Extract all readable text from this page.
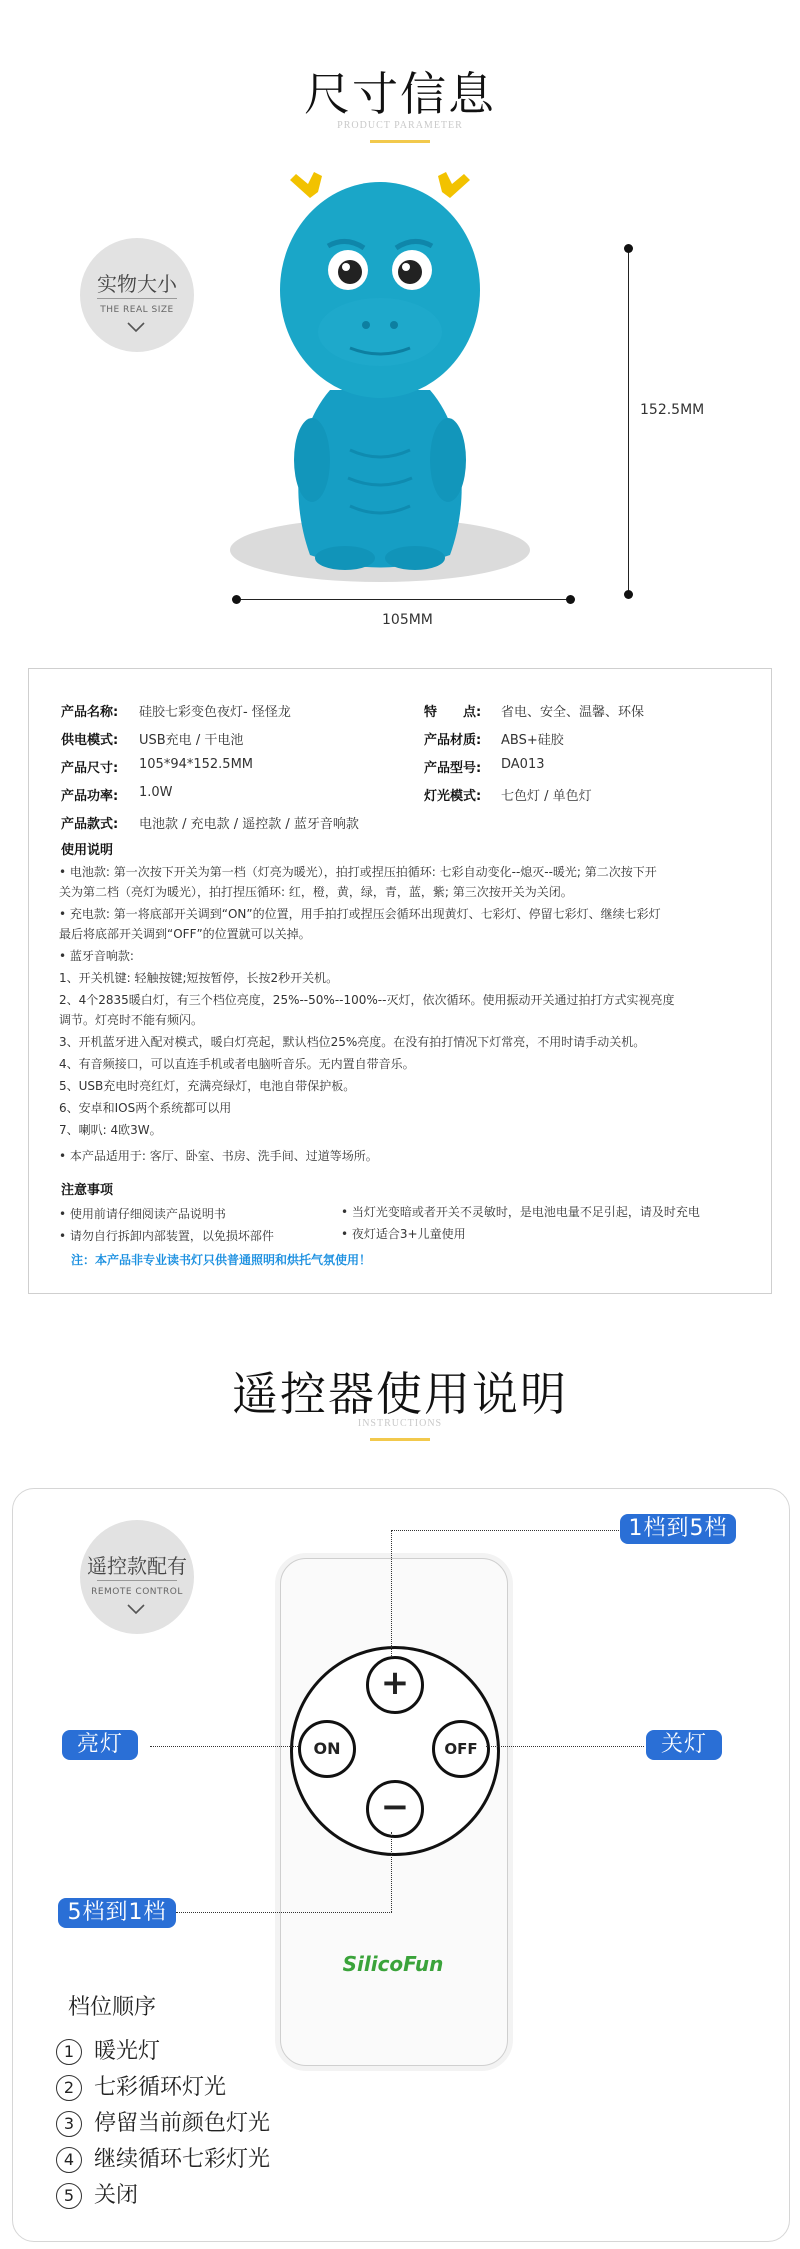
尺寸信息
PRODUCT PARAMETER
实物大小
THE REAL SIZE
152.5MM
105MM
产品名称: 硅胶七彩变色夜灯- 怪怪龙	特　　点: 省电、安全、温馨、环保
供电模式: USB充电 / 干电池	产品材质: ABS+硅胶
产品尺寸: 105*94*152.5MM	产品型号: DA013
产品功率: 1.0W	灯光模式: 七色灯 / 单色灯
产品款式: 电池款 / 充电款 / 遥控款 / 蓝牙音响款
使用说明
• 电池款: 第一次按下开关为第一档（灯亮为暖光），拍打或捏压拍循环: 七彩自动变化--熄灭--暖光; 第二次按下开
关为第二档（亮灯为暖光），拍打捏压循环: 红，橙，黄，绿，青，蓝，紫; 第三次按开关为关闭。
• 充电款: 第一将底部开关调到“ON”的位置，用手拍打或捏压会循环出现黄灯、七彩灯、停留七彩灯、继续七彩灯
最后将底部开关调到“OFF”的位置就可以关掉。
• 蓝牙音响款:
1、开关机键: 轻触按键;短按暂停，长按2秒开关机。
2、4个2835暖白灯，有三个档位亮度，25%--50%--100%--灭灯，依次循环。使用振动开关通过拍打方式实视亮度
调节。灯亮时不能有频闪。
3、开机蓝牙进入配对模式，暖白灯亮起，默认档位25%亮度。在没有拍打情况下灯常亮，不用时请手动关机。
4、有音频接口，可以直连手机或者电脑听音乐。无内置自带音乐。
5、USB充电时亮红灯，充满亮绿灯，电池自带保护板。
6、安卓和IOS两个系统都可以用
7、喇叭: 4欧3W。
• 本产品适用于: 客厅、卧室、书房、洗手间、过道等场所。
注意事项
• 使用前请仔细阅读产品说明书
• 请勿自行拆卸内部装置，以免损坏部件
• 当灯光变暗或者开关不灵敏时，是电池电量不足引起，请及时充电
• 夜灯适合3+儿童使用
注：本产品非专业读书灯只供普通照明和烘托气氛使用！
遥控器使用说明
INSTRUCTIONS
遥控款配有
REMOTE CONTROL
+
−
ON	OFF
SilicoFun
1档到5档
5档到1档
亮灯	关灯
档位顺序
1 暖光灯
2 七彩循环灯光
3 停留当前颜色灯光
4 继续循环七彩灯光
5 关闭
